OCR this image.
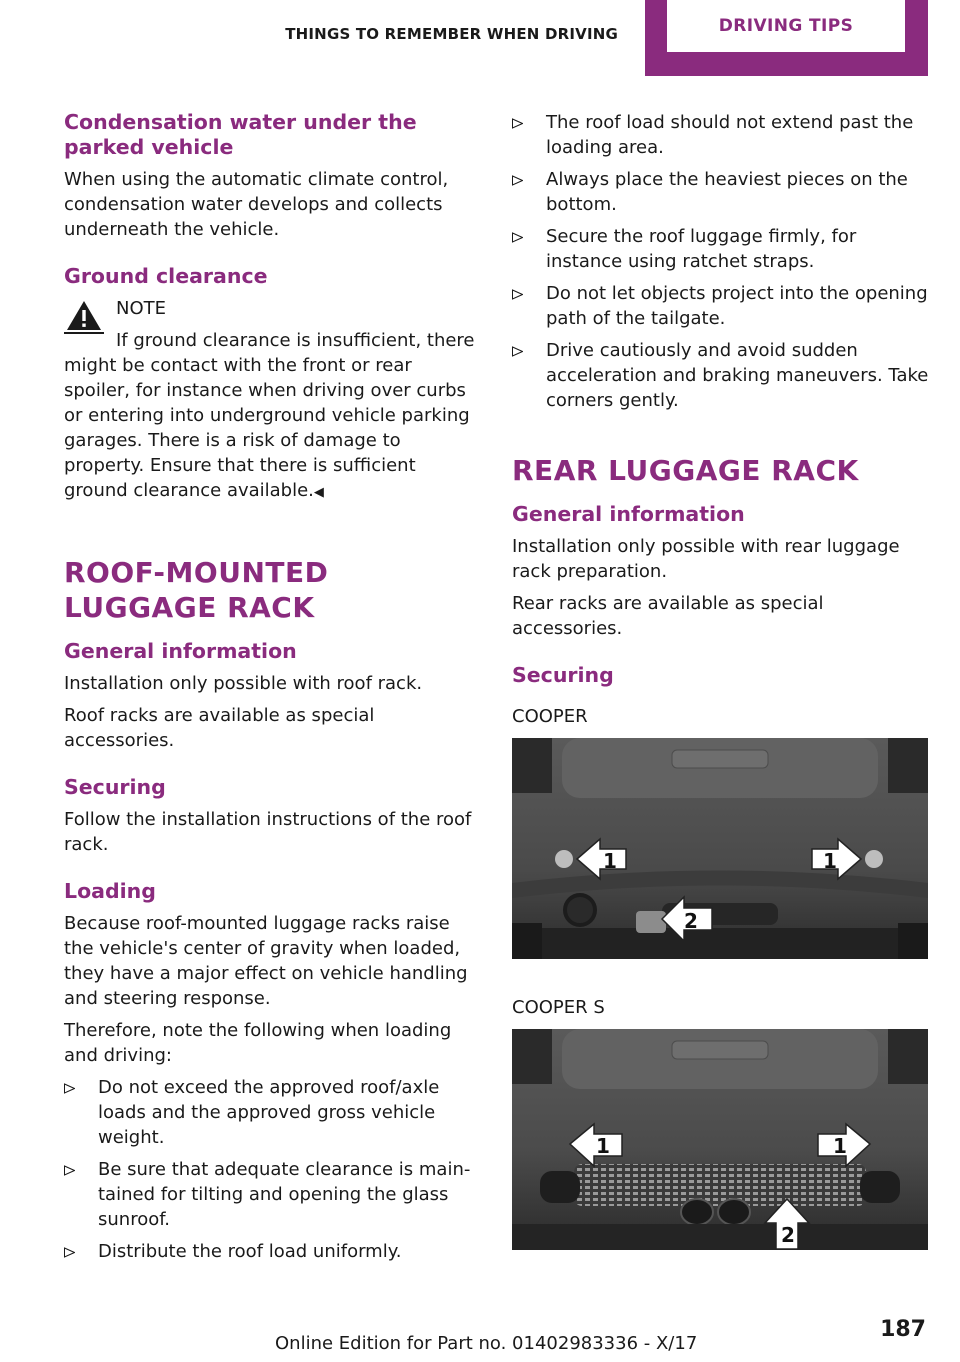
THINGS TO REMEMBER WHEN DRIVING	DRIVING TIPS
Condensation water under the parked vehicle

When using the automatic climate control, condensation water develops and collects underneath the vehicle.

Ground clearance
NOTE
If ground clearance is insufficient, there

might be contact with the front or rear spoiler, for instance when driving over curbs or entering into underground vehicle parking garages. There is a risk of damage to property. Ensure that there is sufficient ground clearance available.◀

ROOF-MOUNTED LUGGAGE RACK
General information

Installation only possible with roof rack.

Roof racks are available as special accessories.

Securing

Follow the installation instructions of the roof rack.

Loading

Because roof-mounted luggage racks raise the vehicle's center of gravity when loaded, they have a major effect on vehicle handling and steering response.

Therefore, note the following when loading and driving:

Do not exceed the approved roof/axle loads and the approved gross vehicle weight.
Be sure that adequate clearance is maintained for tilting and opening the glass sunroof.
Distribute the roof load uniformly.
The roof load should not extend past the loading area.
Always place the heaviest pieces on the bottom.
Secure the roof luggage firmly, for instance using ratchet straps.
Do not let objects project into the opening path of the tailgate.
Drive cautiously and avoid sudden acceleration and braking maneuvers. Take corners gently.
REAR LUGGAGE RACK
General information

Installation only possible with rear luggage rack preparation.

Rear racks are available as special accessories.

Securing
COOPER
1	1
2
COOPER S
1	1
2
187
Online Edition for Part no. 01402983336 - X/17
